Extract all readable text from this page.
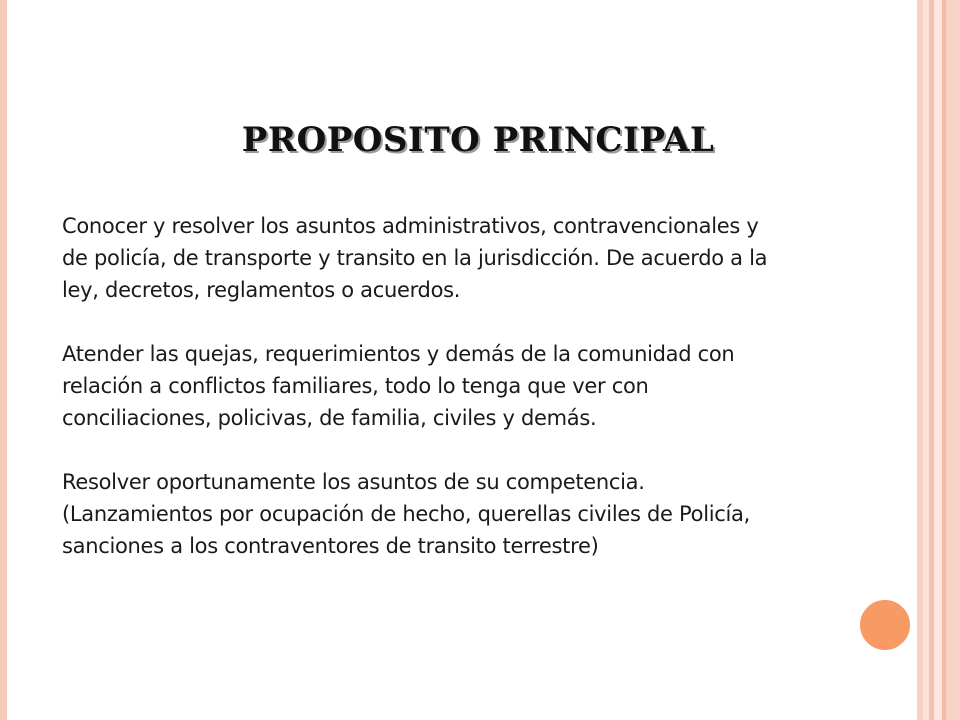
PROPOSITO PRINCIPAL

Conocer y resolver los asuntos administrativos, contravencionales y
de policía, de transporte y transito en la jurisdicción. De acuerdo a la
ley, decretos, reglamentos o acuerdos.

Atender las quejas, requerimientos y demás de la comunidad con
relación a conflictos familiares, todo lo tenga que ver con
conciliaciones, policivas, de familia, civiles y demás.

Resolver oportunamente los asuntos de su competencia.
(Lanzamientos por ocupación de hecho, querellas civiles de Policía,
sanciones a los contraventores de transito terrestre)
